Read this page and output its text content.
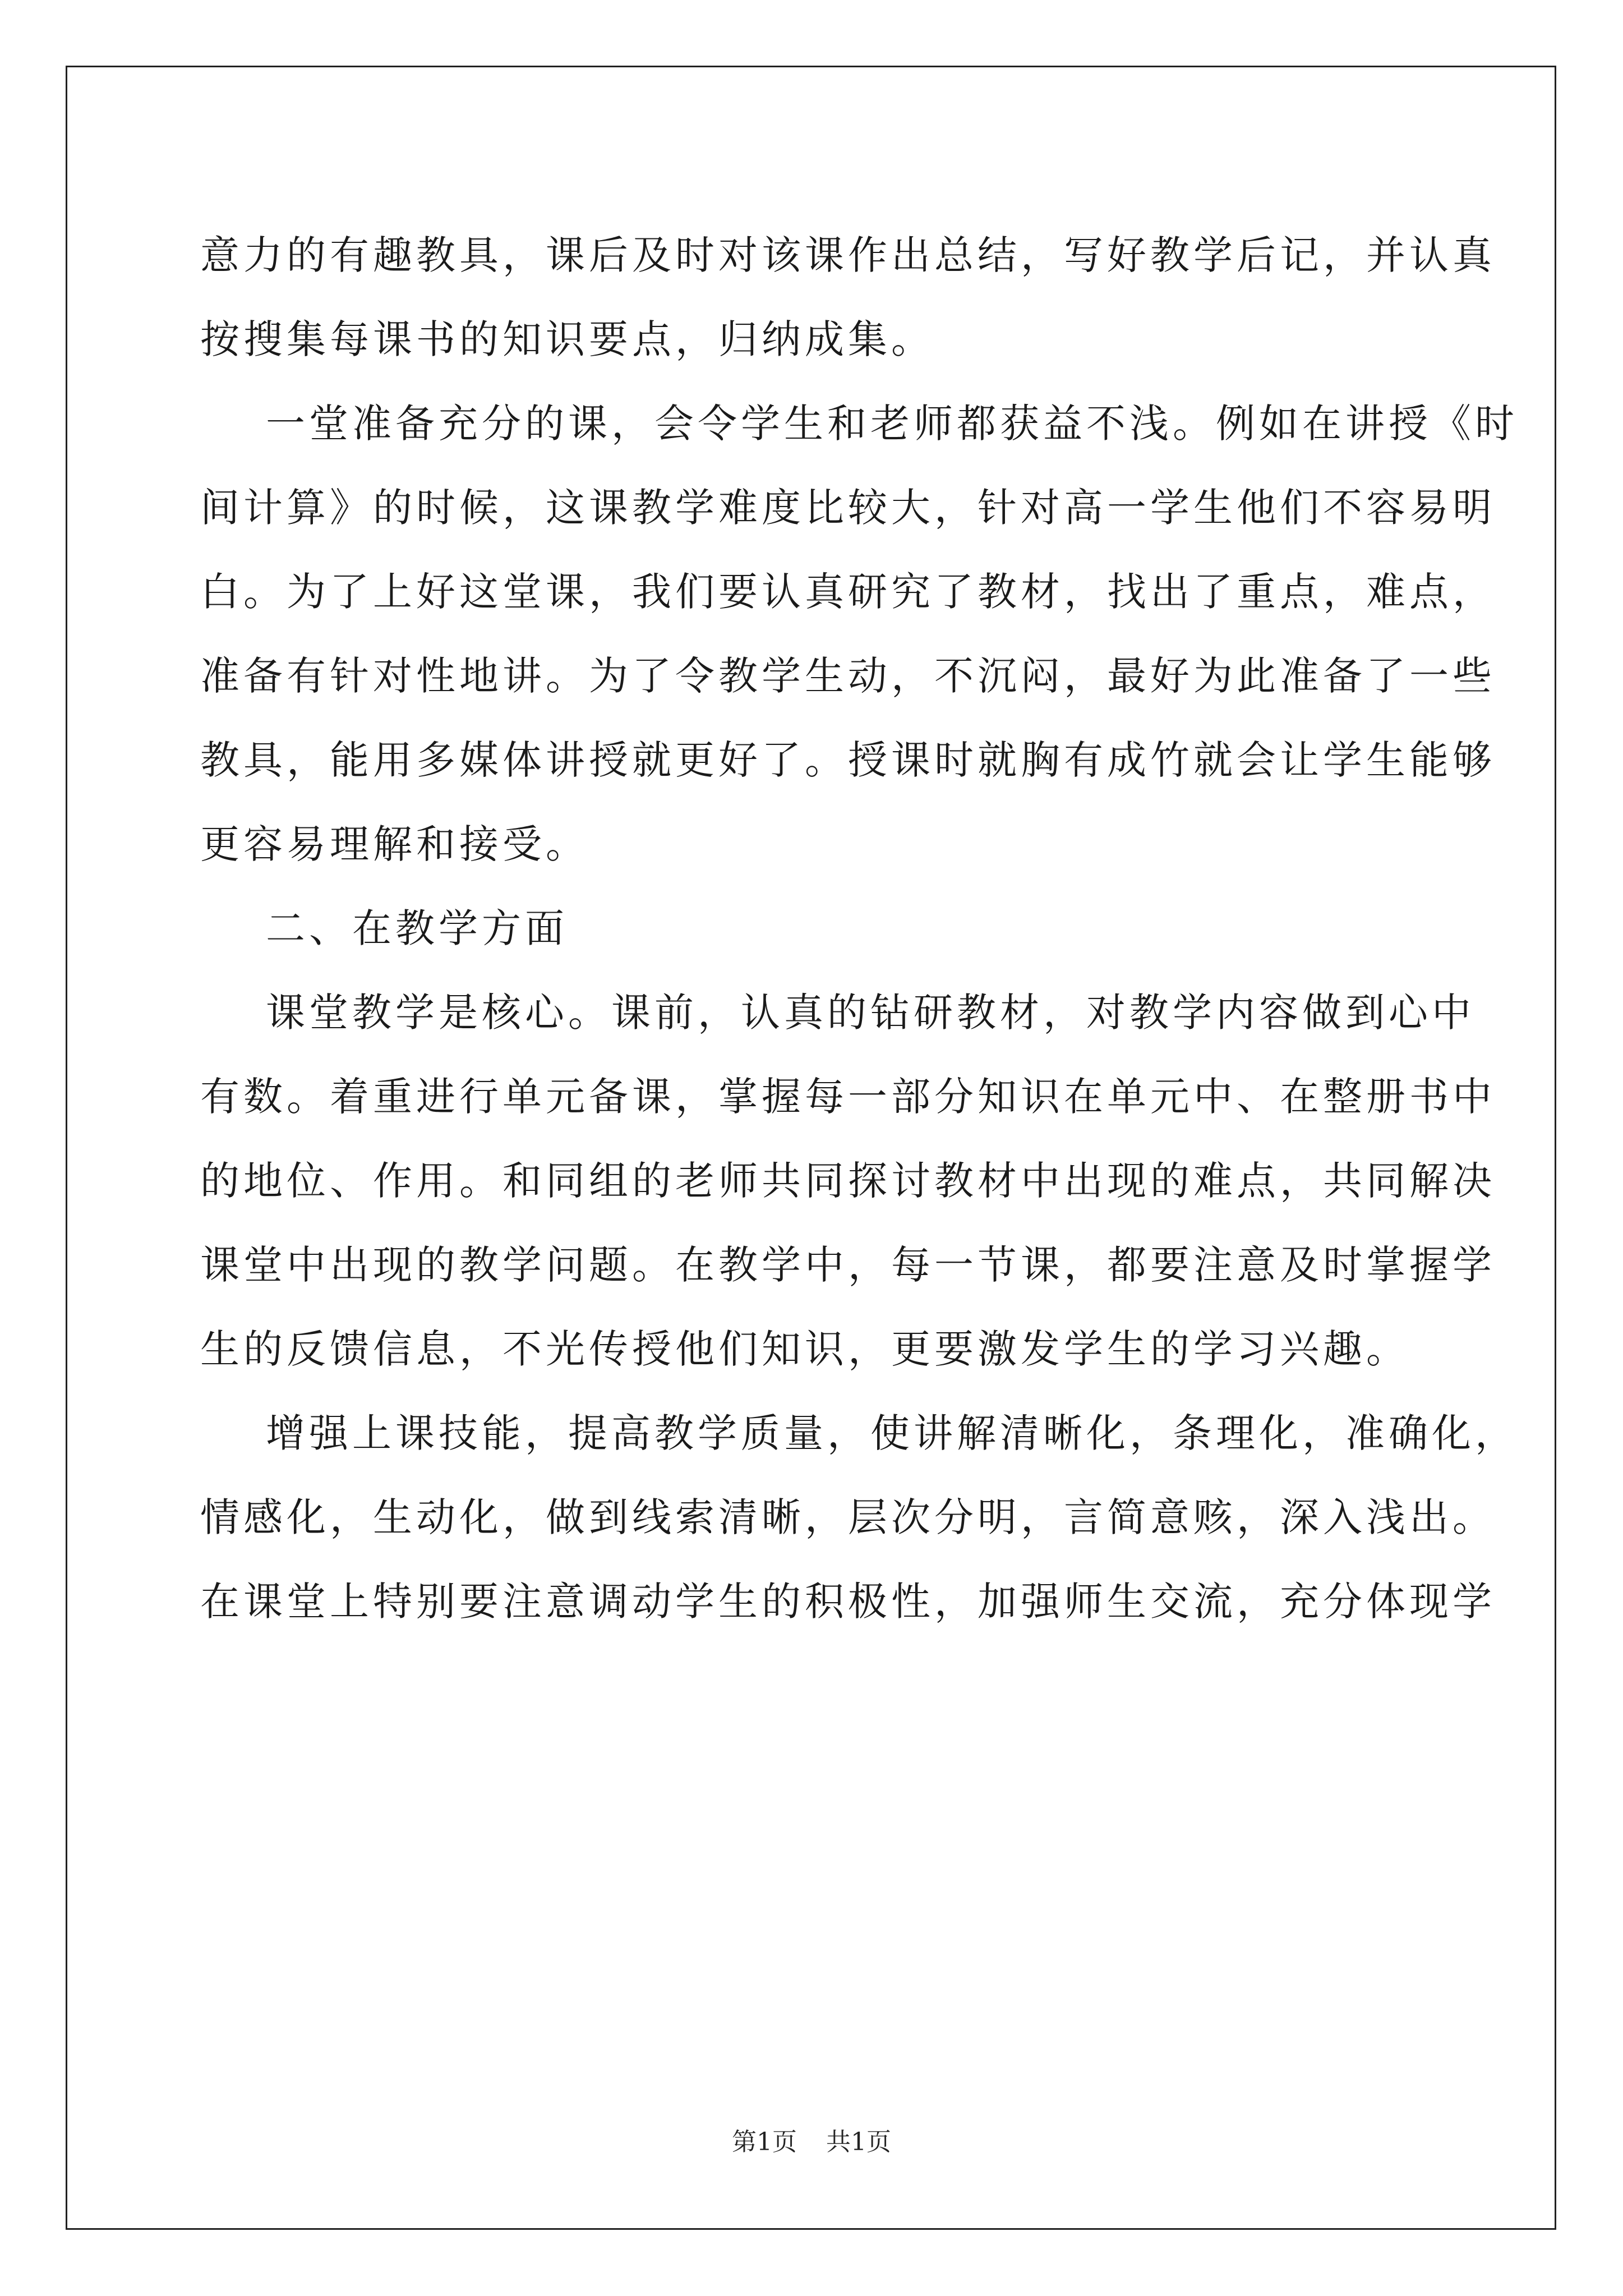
意力的有趣教具，课后及时对该课作出总结，写好教学后记，并认真

按搜集每课书的知识要点，归纳成集。

一堂准备充分的课，会令学生和老师都获益不浅。例如在讲授《时

间计算》的时候，这课教学难度比较大，针对高一学生他们不容易明

白。为了上好这堂课，我们要认真研究了教材，找出了重点，难点，

准备有针对性地讲。为了令教学生动，不沉闷，最好为此准备了一些

教具，能用多媒体讲授就更好了。授课时就胸有成竹就会让学生能够

更容易理解和接受。

二、在教学方面

课堂教学是核心。课前，认真的钻研教材，对教学内容做到心中

有数。着重进行单元备课，掌握每一部分知识在单元中、在整册书中

的地位、作用。和同组的老师共同探讨教材中出现的难点，共同解决

课堂中出现的教学问题。在教学中，每一节课，都要注意及时掌握学

生的反馈信息，不光传授他们知识，更要激发学生的学习兴趣。

增强上课技能，提高教学质量，使讲解清晰化，条理化，准确化，

情感化，生动化，做到线索清晰，层次分明，言简意赅，深入浅出。

在课堂上特别要注意调动学生的积极性，加强师生交流，充分体现学

第1页 共1页
